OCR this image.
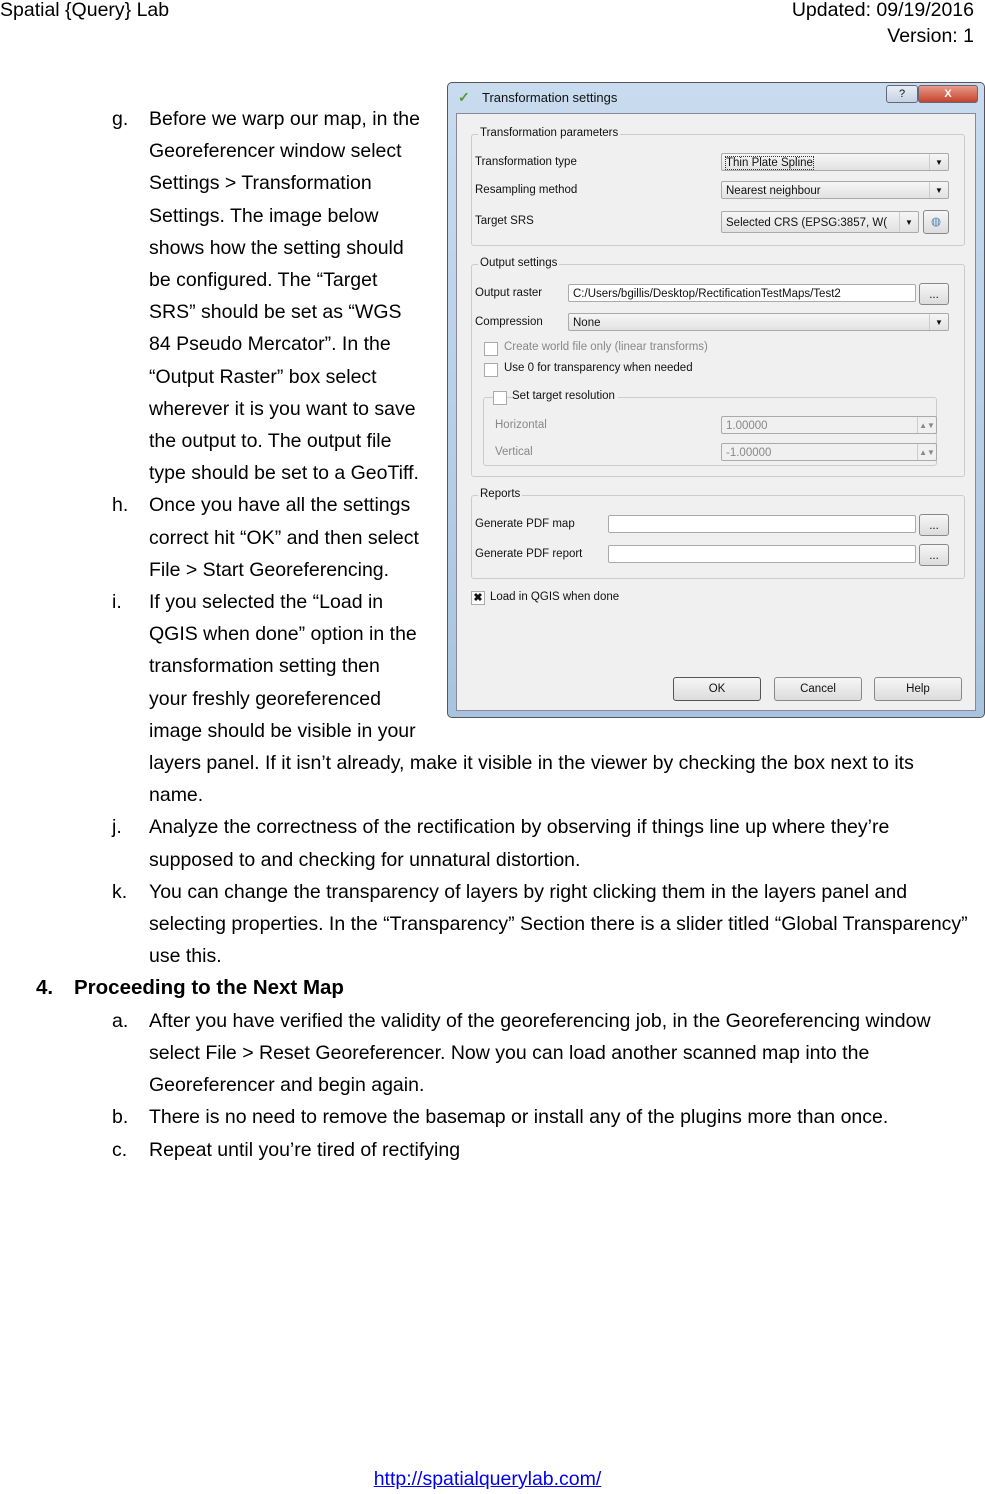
Spatial {Query} Lab	Updated: 09/19/2016
Version: 1
g. Before we warp our map, in the Georeferencer window select Settings > Transformation Settings. The image below shows how the setting should be configured. The “Target SRS” should be set as “WGS 84 Pseudo Mercator”. In the “Output Raster” box select wherever it is you want to save the output to. The output file type should be set to a GeoTiff.
h. Once you have all the settings correct hit “OK” and then select File > Start Georeferencing.
i. If you selected the “Load in QGIS when done” option in the transformation setting then your freshly georeferenced image should be visible in your layers panel. If it isn’t already, make it visible in the viewer by checking the box next to its name.
j. Analyze the correctness of the rectification by observing if things line up where they’re supposed to and checking for unnatural distortion.
k. You can change the transparency of layers by right clicking them in the layers panel and selecting properties. In the “Transparency” Section there is a slider titled “Global Transparency” use this.
4. Proceeding to the Next Map
a. After you have verified the validity of the georeferencing job, in the Georeferencing window select File > Reset Georeferencer. Now you can load another scanned map into the Georeferencer and begin again.
b. There is no need to remove the basemap or install any of the plugins more than once.
c. Repeat until you’re tired of rectifying
✓ Transformation settings	?	X
Transformation parameters
Transformation type	Thin Plate Spline	▼
Resampling method	Nearest neighbour	▼
Target SRS	Selected CRS (EPSG:3857, W(	▼	◍
Output settings
Output raster	C:/Users/bgillis/Desktop/RectificationTestMaps/Test2	...
Compression	None	▼
Create world file only (linear transforms)
Use 0 for transparency when needed
Set target resolution
Horizontal	1.00000	▲▼
Vertical	-1.00000	▲▼
Reports
Generate PDF map	...
Generate PDF report	...
✖ Load in QGIS when done
OK	Cancel	Help
http://spatialquerylab.com/
